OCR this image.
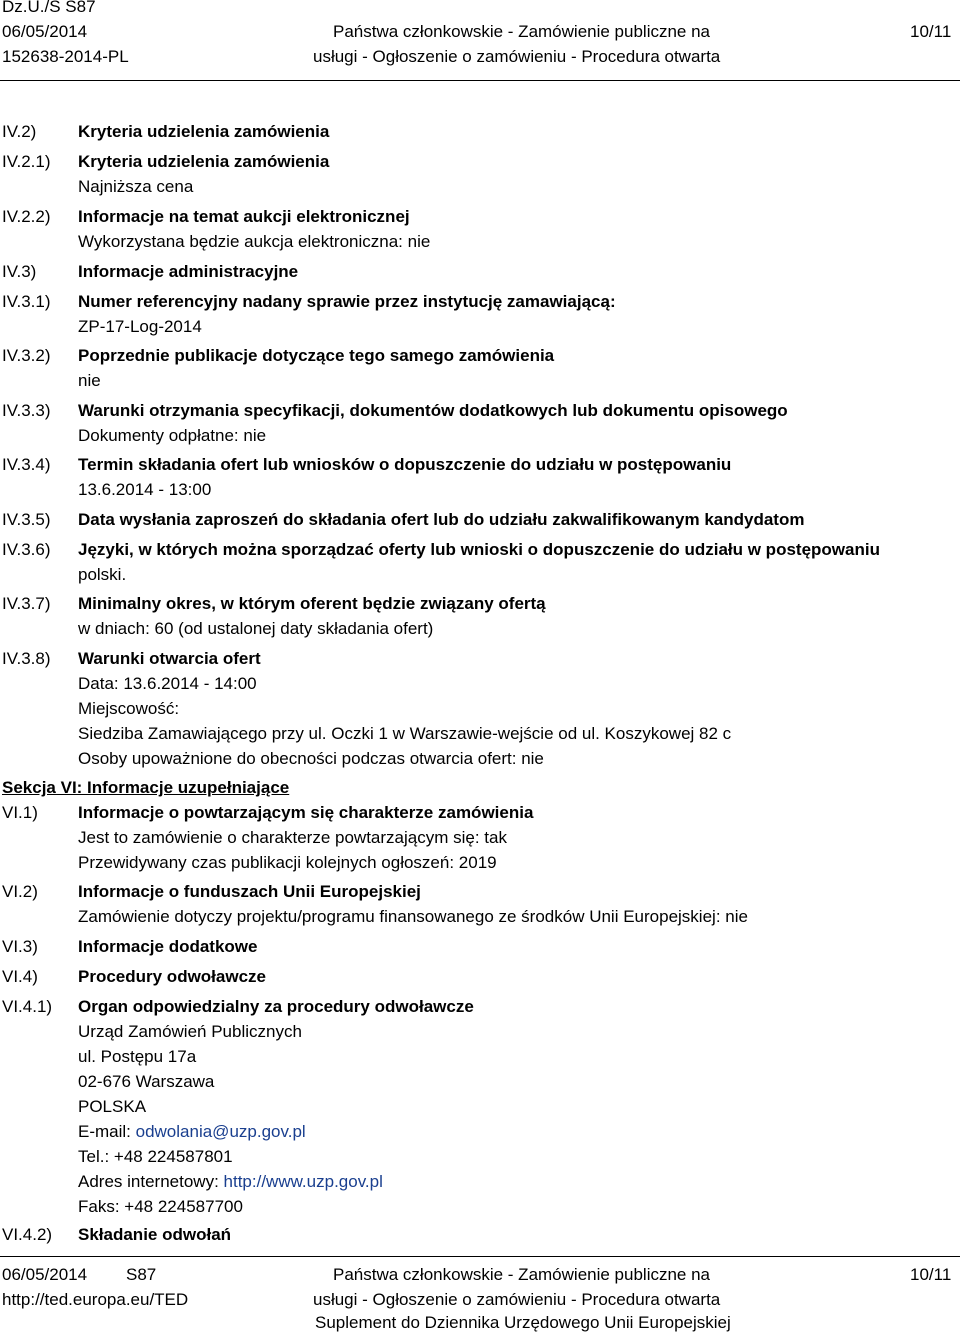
Dz.U./S S87
06/05/2014
152638-2014-PL
Państwa członkowskie - Zamówienie publiczne na
usługi - Ogłoszenie o zamówieniu - Procedura otwarta
10/11
IV.2) Kryteria udzielenia zamówienia
IV.2.1) Kryteria udzielenia zamówienia
Najniższa cena
IV.2.2) Informacje na temat aukcji elektronicznej
Wykorzystana będzie aukcja elektroniczna: nie
IV.3) Informacje administracyjne
IV.3.1) Numer referencyjny nadany sprawie przez instytucję zamawiającą:
ZP-17-Log-2014
IV.3.2) Poprzednie publikacje dotyczące tego samego zamówienia
nie
IV.3.3) Warunki otrzymania specyfikacji, dokumentów dodatkowych lub dokumentu opisowego
Dokumenty odpłatne: nie
IV.3.4) Termin składania ofert lub wniosków o dopuszczenie do udziału w postępowaniu
13.6.2014 - 13:00
IV.3.5) Data wysłania zaproszeń do składania ofert lub do udziału zakwalifikowanym kandydatom
IV.3.6) Języki, w których można sporządzać oferty lub wnioski o dopuszczenie do udziału w postępowaniu
polski.
IV.3.7) Minimalny okres, w którym oferent będzie związany ofertą
w dniach: 60 (od ustalonej daty składania ofert)
IV.3.8) Warunki otwarcia ofert
Data: 13.6.2014 - 14:00
Miejscowość:
Siedziba Zamawiającego przy ul. Oczki 1 w Warszawie-wejście od ul. Koszykowej 82 c
Osoby upoważnione do obecności podczas otwarcia ofert: nie
Sekcja VI: Informacje uzupełniające
VI.1) Informacje o powtarzającym się charakterze zamówienia
Jest to zamówienie o charakterze powtarzającym się: tak
Przewidywany czas publikacji kolejnych ogłoszeń: 2019
VI.2) Informacje o funduszach Unii Europejskiej
Zamówienie dotyczy projektu/programu finansowanego ze środków Unii Europejskiej: nie
VI.3) Informacje dodatkowe
VI.4) Procedury odwoławcze
VI.4.1) Organ odpowiedzialny za procedury odwoławcze
Urząd Zamówień Publicznych
ul. Postępu 17a
02-676 Warszawa
POLSKA
E-mail: odwolania@uzp.gov.pl
Tel.: +48 224587801
Adres internetowy: http://www.uzp.gov.pl
Faks: +48 224587700
VI.4.2) Składanie odwołań
06/05/2014 S87
http://ted.europa.eu/TED
Państwa członkowskie - Zamówienie publiczne na
usługi - Ogłoszenie o zamówieniu - Procedura otwarta
Suplement do Dziennika Urzędowego Unii Europejskiej
10/11
